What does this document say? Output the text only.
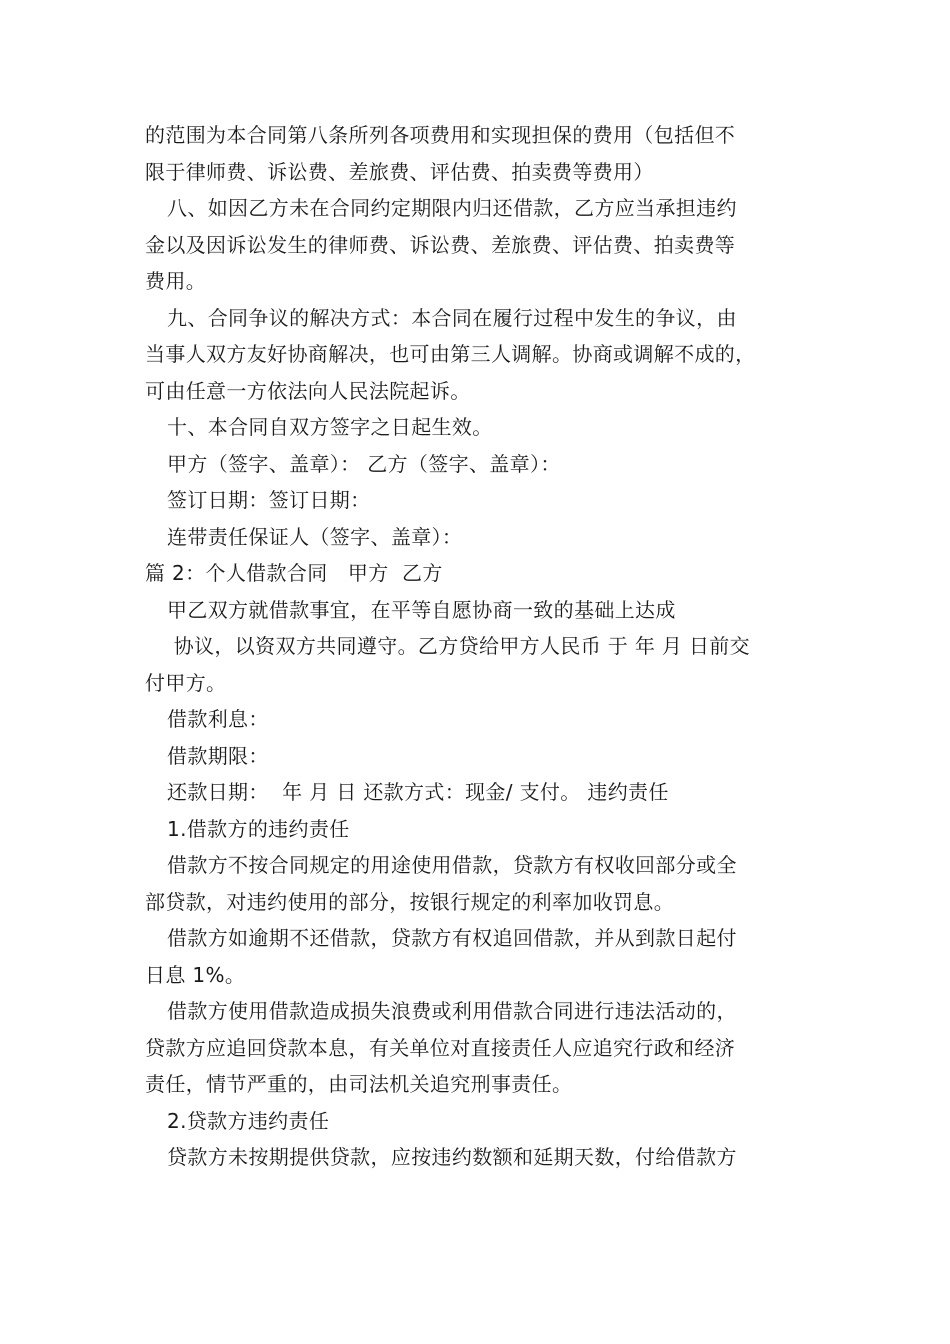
的范围为本合同第八条所列各项费用和实现担保的费用（包括但不

限于律师费、诉讼费、差旅费、评估费、拍卖费等费用）

八、如因乙方未在合同约定期限内归还借款，乙方应当承担违约

金以及因诉讼发生的律师费、诉讼费、差旅费、评估费、拍卖费等

费用。

九、合同争议的解决方式：本合同在履行过程中发生的争议，由

当事人双方友好协商解决，也可由第三人调解。协商或调解不成的，

可由任意一方依法向人民法院起诉。

十、本合同自双方签字之日起生效。

甲方（签字、盖章）： 乙方（签字、盖章）：

签订日期：签订日期：

连带责任保证人（签字、盖章）：

篇 2：个人借款合同　甲方  乙方

甲乙双方就借款事宜，在平等自愿协商一致的基础上达成

协议，以资双方共同遵守。乙方贷给甲方人民币 于 年 月 日前交

付甲方。

借款利息：

借款期限：

还款日期：  年 月 日 还款方式：现金/ 支付。 违约责任

1.借款方的违约责任

借款方不按合同规定的用途使用借款，贷款方有权收回部分或全

部贷款，对违约使用的部分，按银行规定的利率加收罚息。

借款方如逾期不还借款，贷款方有权追回借款，并从到款日起付

日息 1%。

借款方使用借款造成损失浪费或利用借款合同进行违法活动的，

贷款方应追回贷款本息，有关单位对直接责任人应追究行政和经济

责任，情节严重的，由司法机关追究刑事责任。

2.贷款方违约责任

贷款方未按期提供贷款，应按违约数额和延期天数，付给借款方
